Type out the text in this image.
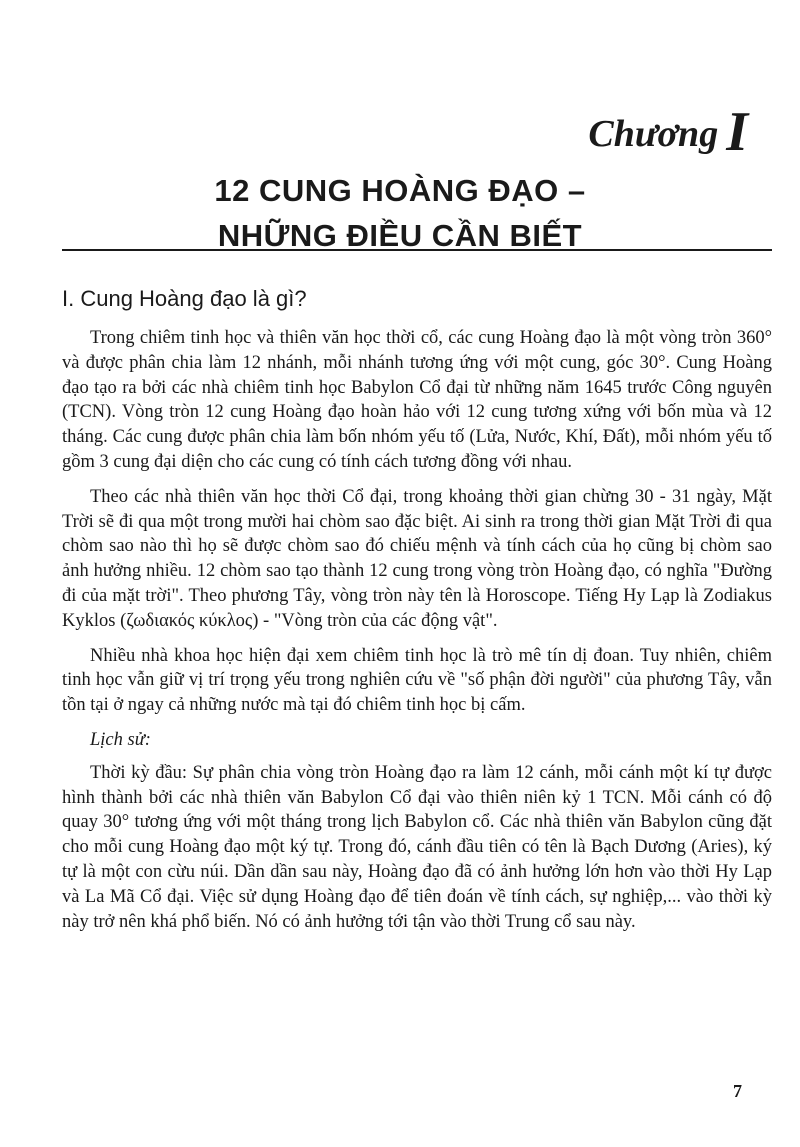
Chương I
12 CUNG HOÀNG ĐẠO –
NHỮNG ĐIỀU CẦN BIẾT
I. Cung Hoàng đạo là gì?

Trong chiêm tinh học và thiên văn học thời cổ, các cung Hoàng đạo là một vòng tròn 360° và được phân chia làm 12 nhánh, mỗi nhánh tương ứng với một cung, góc 30°. Cung Hoàng đạo tạo ra bởi các nhà chiêm tinh học Babylon Cổ đại từ những năm 1645 trước Công nguyên (TCN). Vòng tròn 12 cung Hoàng đạo hoàn hảo với 12 cung tương xứng với bốn mùa và 12 tháng. Các cung được phân chia làm bốn nhóm yếu tố (Lửa, Nước, Khí, Đất), mỗi nhóm yếu tố gồm 3 cung đại diện cho các cung có tính cách tương đồng với nhau.

Theo các nhà thiên văn học thời Cổ đại, trong khoảng thời gian chừng 30 - 31 ngày, Mặt Trời sẽ đi qua một trong mười hai chòm sao đặc biệt. Ai sinh ra trong thời gian Mặt Trời đi qua chòm sao nào thì họ sẽ được chòm sao đó chiếu mệnh và tính cách của họ cũng bị chòm sao ảnh hưởng nhiều. 12 chòm sao tạo thành 12 cung trong vòng tròn Hoàng đạo, có nghĩa "Đường đi của mặt trời". Theo phương Tây, vòng tròn này tên là Horoscope. Tiếng Hy Lạp là Zodiakus Kyklos (ζωδιακός κύκλος) - "Vòng tròn của các động vật".

Nhiều nhà khoa học hiện đại xem chiêm tinh học là trò mê tín dị đoan. Tuy nhiên, chiêm tinh học vẫn giữ vị trí trọng yếu trong nghiên cứu về "số phận đời người" của phương Tây, vẫn tồn tại ở ngay cả những nước mà tại đó chiêm tinh học bị cấm.

Lịch sử:

Thời kỳ đầu: Sự phân chia vòng tròn Hoàng đạo ra làm 12 cánh, mỗi cánh một kí tự được hình thành bởi các nhà thiên văn Babylon Cổ đại vào thiên niên kỷ 1 TCN. Mỗi cánh có độ quay 30° tương ứng với một tháng trong lịch Babylon cổ. Các nhà thiên văn Babylon cũng đặt cho mỗi cung Hoàng đạo một ký tự. Trong đó, cánh đầu tiên có tên là Bạch Dương (Aries), ký tự là một con cừu núi. Dần dần sau này, Hoàng đạo đã có ảnh hưởng lớn hơn vào thời Hy Lạp và La Mã Cổ đại. Việc sử dụng Hoàng đạo để tiên đoán về tính cách, sự nghiệp,... vào thời kỳ này trở nên khá phổ biến. Nó có ảnh hưởng tới tận vào thời Trung cổ sau này.

7
